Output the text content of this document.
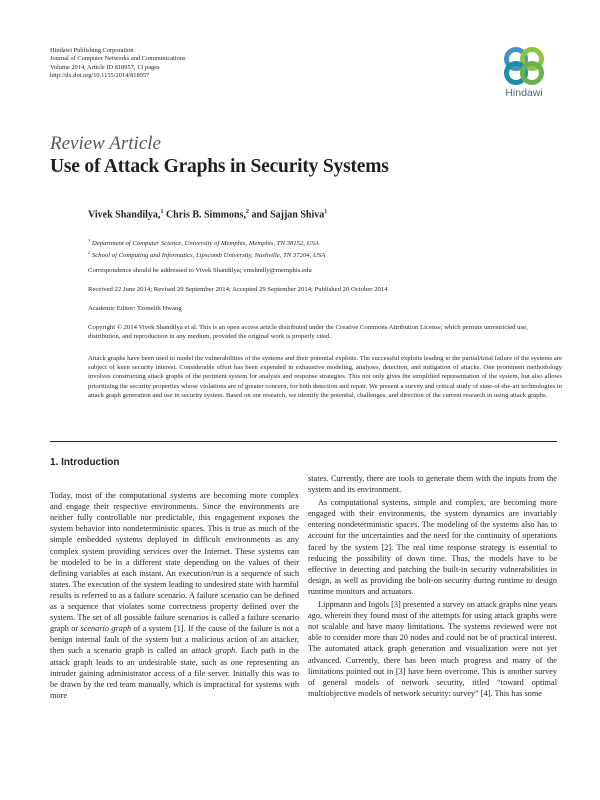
Hindawi Publishing Corporation
Journal of Computer Networks and Communications
Volume 2014, Article ID 818957, 13 pages
http://dx.doi.org/10.1155/2014/818957
Hindawi
Review Article
Use of Attack Graphs in Security Systems
Vivek Shandilya,$^1$ Chris B. Simmons,$^2$ and Sajjan Shiva$^1$
$^1$ Department of Computer Science, University of Memphis, Memphis, TN 38152, USA
$^2$ School of Computing and Informatics, Lipscomb University, Nashville, TN 37204, USA
Correspondence should be addressed to Vivek Shandilya; vmshndly@memphis.edu
Received 22 June 2014; Revised 29 September 2014; Accepted 29 September 2014; Published 20 October 2014
Academic Editor: Tzonelih Hwang
Copyright © 2014 Vivek Shandilya et al. This is an open access article distributed under the Creative Commons Attribution License, which permits unrestricted use, distribution, and reproduction in any medium, provided the original work is properly cited.
Attack graphs have been used to model the vulnerabilities of the systems and their potential exploits. The successful exploits leading to the partial/total failure of the systems are subject of keen security interest. Considerable effort has been expended in exhaustive modeling, analyses, detection, and mitigation of attacks. One prominent methodology involves constructing attack graphs of the pertinent system for analysis and response strategies. This not only gives the simplified representation of the system, but also allows prioritizing the security properties whose violations are of greater concern, for both detection and repair. We present a survey and critical study of state-of-the-art technologies in attack graph generation and use in security system. Based on our research, we identify the potential, challenges, and direction of the current research in using attack graphs.
1. Introduction

Today, most of the computational systems are becoming more complex and engage their respective environments. Since the environments are neither fully controllable nor predictable, this engagement exposes the system behavior into nondeterministic spaces. This is true as much of the simple embedded systems deployed in difficult environments as any complex system providing services over the Internet. These systems can be modeled to be in a different state depending on the values of their defining variables at each instant. An execution/run is a sequence of such states. The execution of the system leading to undesired state with harmful results is referred to as a failure scenario. A failure scenario can be defined as a sequence that violates some correctness property defined over the system. The set of all possible failure scenarios is called a failure scenario graph or scenario graph of a system [1]. If the cause of the failure is not a benign internal fault of the system but a malicious action of an attacker, then such a scenario graph is called an attack graph. Each path in the attack graph leads to an undesirable state, such as one representing an intruder gaining administrator access of a file server. Initially this was to be drawn by the red team manually, which is impractical for systems with more

states. Currently, there are tools to generate them with the inputs from the system and its environment.

As computational systems, simple and complex, are becoming more engaged with their environments, the system dynamics are invariably entering nondeterministic spaces. The modeling of the systems also has to account for the uncertainties and the need for the continuity of operations faced by the system [2]. The real time response strategy is essential to reducing the possibility of down time. Thus, the models have to be effective in detecting and patching the built-in security vulnerabilities in design, as well as providing the bolt-on security during runtime to design runtime monitors and actuators.

Lippmann and Ingols [3] presented a survey on attack graphs nine years ago, wherein they found most of the attempts for using attack graphs were not scalable and have many limitations. The systems reviewed were not able to consider more than 20 nodes and could not be of practical interest. The automated attack graph generation and visualization were not yet advanced. Currently, there has been much progress and many of the limitations pointed out in [3] have been overcome. This is another survey of general models of network security, titled “toward optimal multiobjective models of network security: survey” [4]. This has some
